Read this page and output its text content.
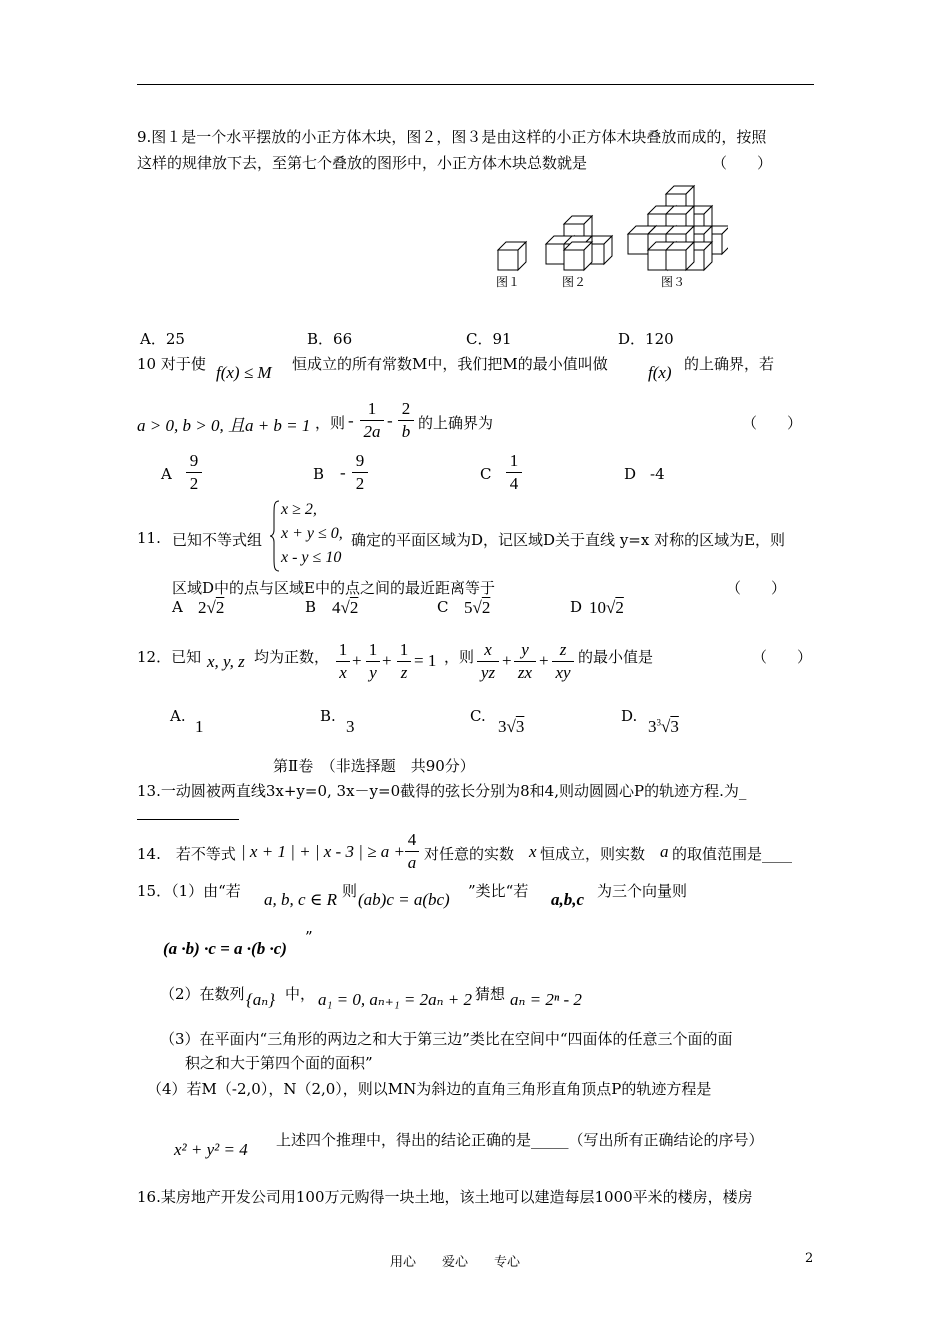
9.图１是一个水平摆放的小正方体木块，图２，图３是由这样的小正方体木块叠放而成的，按照
这样的规律放下去，至第七个叠放的图形中，小正方体木块总数就是	（　　）
图１	图２	图３
A．25	B．66	C．91	D．120
10 对于使 f(x) ≤ M 恒成立的所有常数M中，我们把M的最小值叫做 f(x) 的上确界，若
a > 0, b > 0, 且a + b = 1 ，则 -
1
2a
-
2
b 的上确界为	（　　）
A
9
2	B -
9
2	C
1
4	D -4
11. 已知不等式组
x ≥ 2,
x + y ≤ 0,
x - y ≤ 10
确定的平面区域为D，记区域D关于直线 y=x 对称的区域为E，则
区域D中的点与区域E中的点之间的最近距离等于	（　　）
A 2√2	B 4√2	C 5√2	D 10√2
12．已知 x, y, z 均为正数， 1
x
+
1
y
+
1
z
= 1 ，则 x
yz
+
y
zx
+
z
xy
的最小值是	（　　）
A.
1
B.
3
C.
3√3
D.
$3^3√3$
第Ⅱ卷　（非选择题　共90分）
13.一动圆被两直线3x+y=0, 3x－y=0截得的弦长分别为8和4,则动圆圆心P的轨迹方程.为_
14.　若不等式 | x + 1 | + | x - 3 | ≥ a +
4
a 对任意的实数 x 恒成立，则实数 a 的取值范围是____
15．（1）由“若 a, b, c ∈ R 则 (ab)c = a(bc) ”类比“若 a,b,c 为三个向量则
(a ·b) ·c = a ·(b ·c)
”
（2）在数列 {aₙ} 中， a₁ = 0, aₙ₊₁ = 2aₙ + 2 猜想 aₙ = 2ⁿ - 2
（3）在平面内“三角形的两边之和大于第三边”类比在空间中“四面体的任意三个面的面
积之和大于第四个面的面积”
（4）若M（-2,0），N（2,0），则以MN为斜边的直角三角形直角顶点P的轨迹方程是
x² + y² = 4 上述四个推理中，得出的结论正确的是_____（写出所有正确结论的序号）
16.某房地产开发公司用100万元购得一块土地，该土地可以建造每层1000平米的楼房，楼房
用心　　爱心　　专心	2
